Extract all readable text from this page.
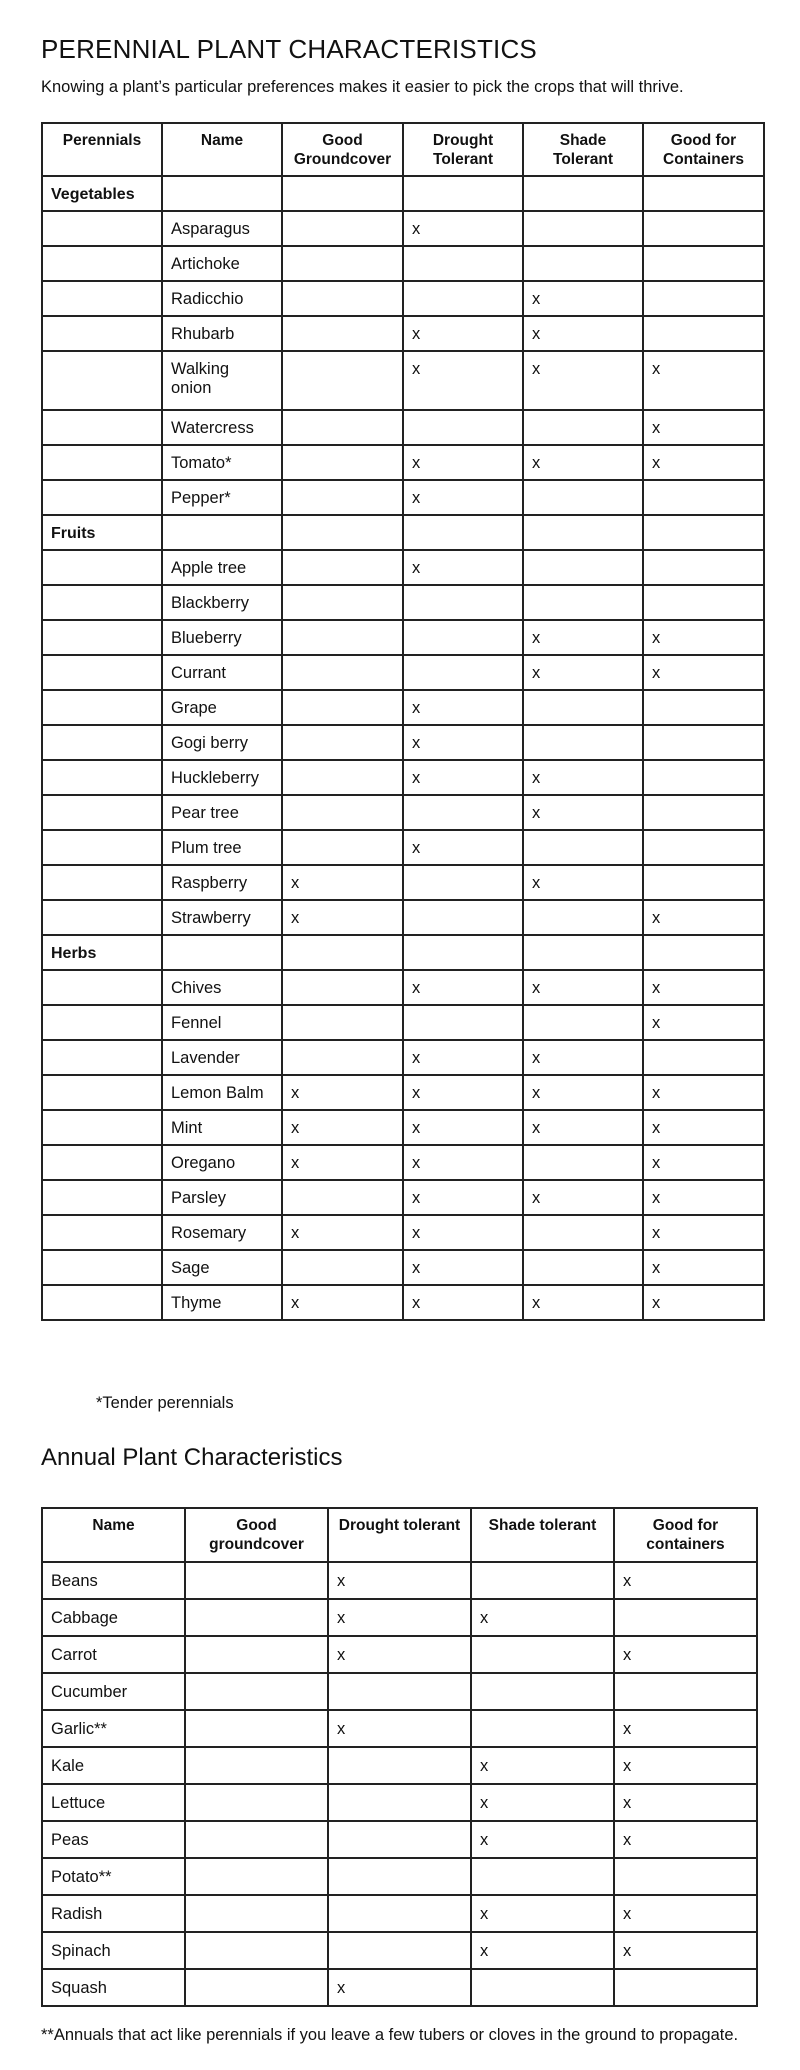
PERENNIAL PLANT CHARACTERISTICS
Knowing a plant’s particular preferences makes it easier to pick the crops that will thrive.
Perennials	Name	Good Groundcover	Drought Tolerant	Shade Tolerant	Good for Containers
Vegetables					
	Asparagus		x		
	Artichoke				
	Radicchio			x	
	Rhubarb		x	x	
	Walking onion		x	x	x
	Watercress				x
	Tomato*		x	x	x
	Pepper*		x		
Fruits					
	Apple tree		x		
	Blackberry				
	Blueberry			x	x
	Currant			x	x
	Grape		x		
	Gogi berry		x		
	Huckleberry		x	x	
	Pear tree			x	
	Plum tree		x		
	Raspberry	x		x	
	Strawberry	x			x
Herbs					
	Chives		x	x	x
	Fennel				x
	Lavender		x	x	
	Lemon Balm	x	x	x	x
	Mint	x	x	x	x
	Oregano	x	x		x
	Parsley		x	x	x
	Rosemary	x	x		x
	Sage		x		x
	Thyme	x	x	x	x
*Tender perennials
Annual Plant Characteristics
Name	Good groundcover	Drought tolerant	Shade tolerant	Good for containers
Beans		x		x
Cabbage		x	x	
Carrot		x		x
Cucumber				
Garlic**		x		x
Kale			x	x
Lettuce			x	x
Peas			x	x
Potato**				
Radish			x	x
Spinach			x	x
Squash		x		
**Annuals that act like perennials if you leave a few tubers or cloves in the ground to propagate.
